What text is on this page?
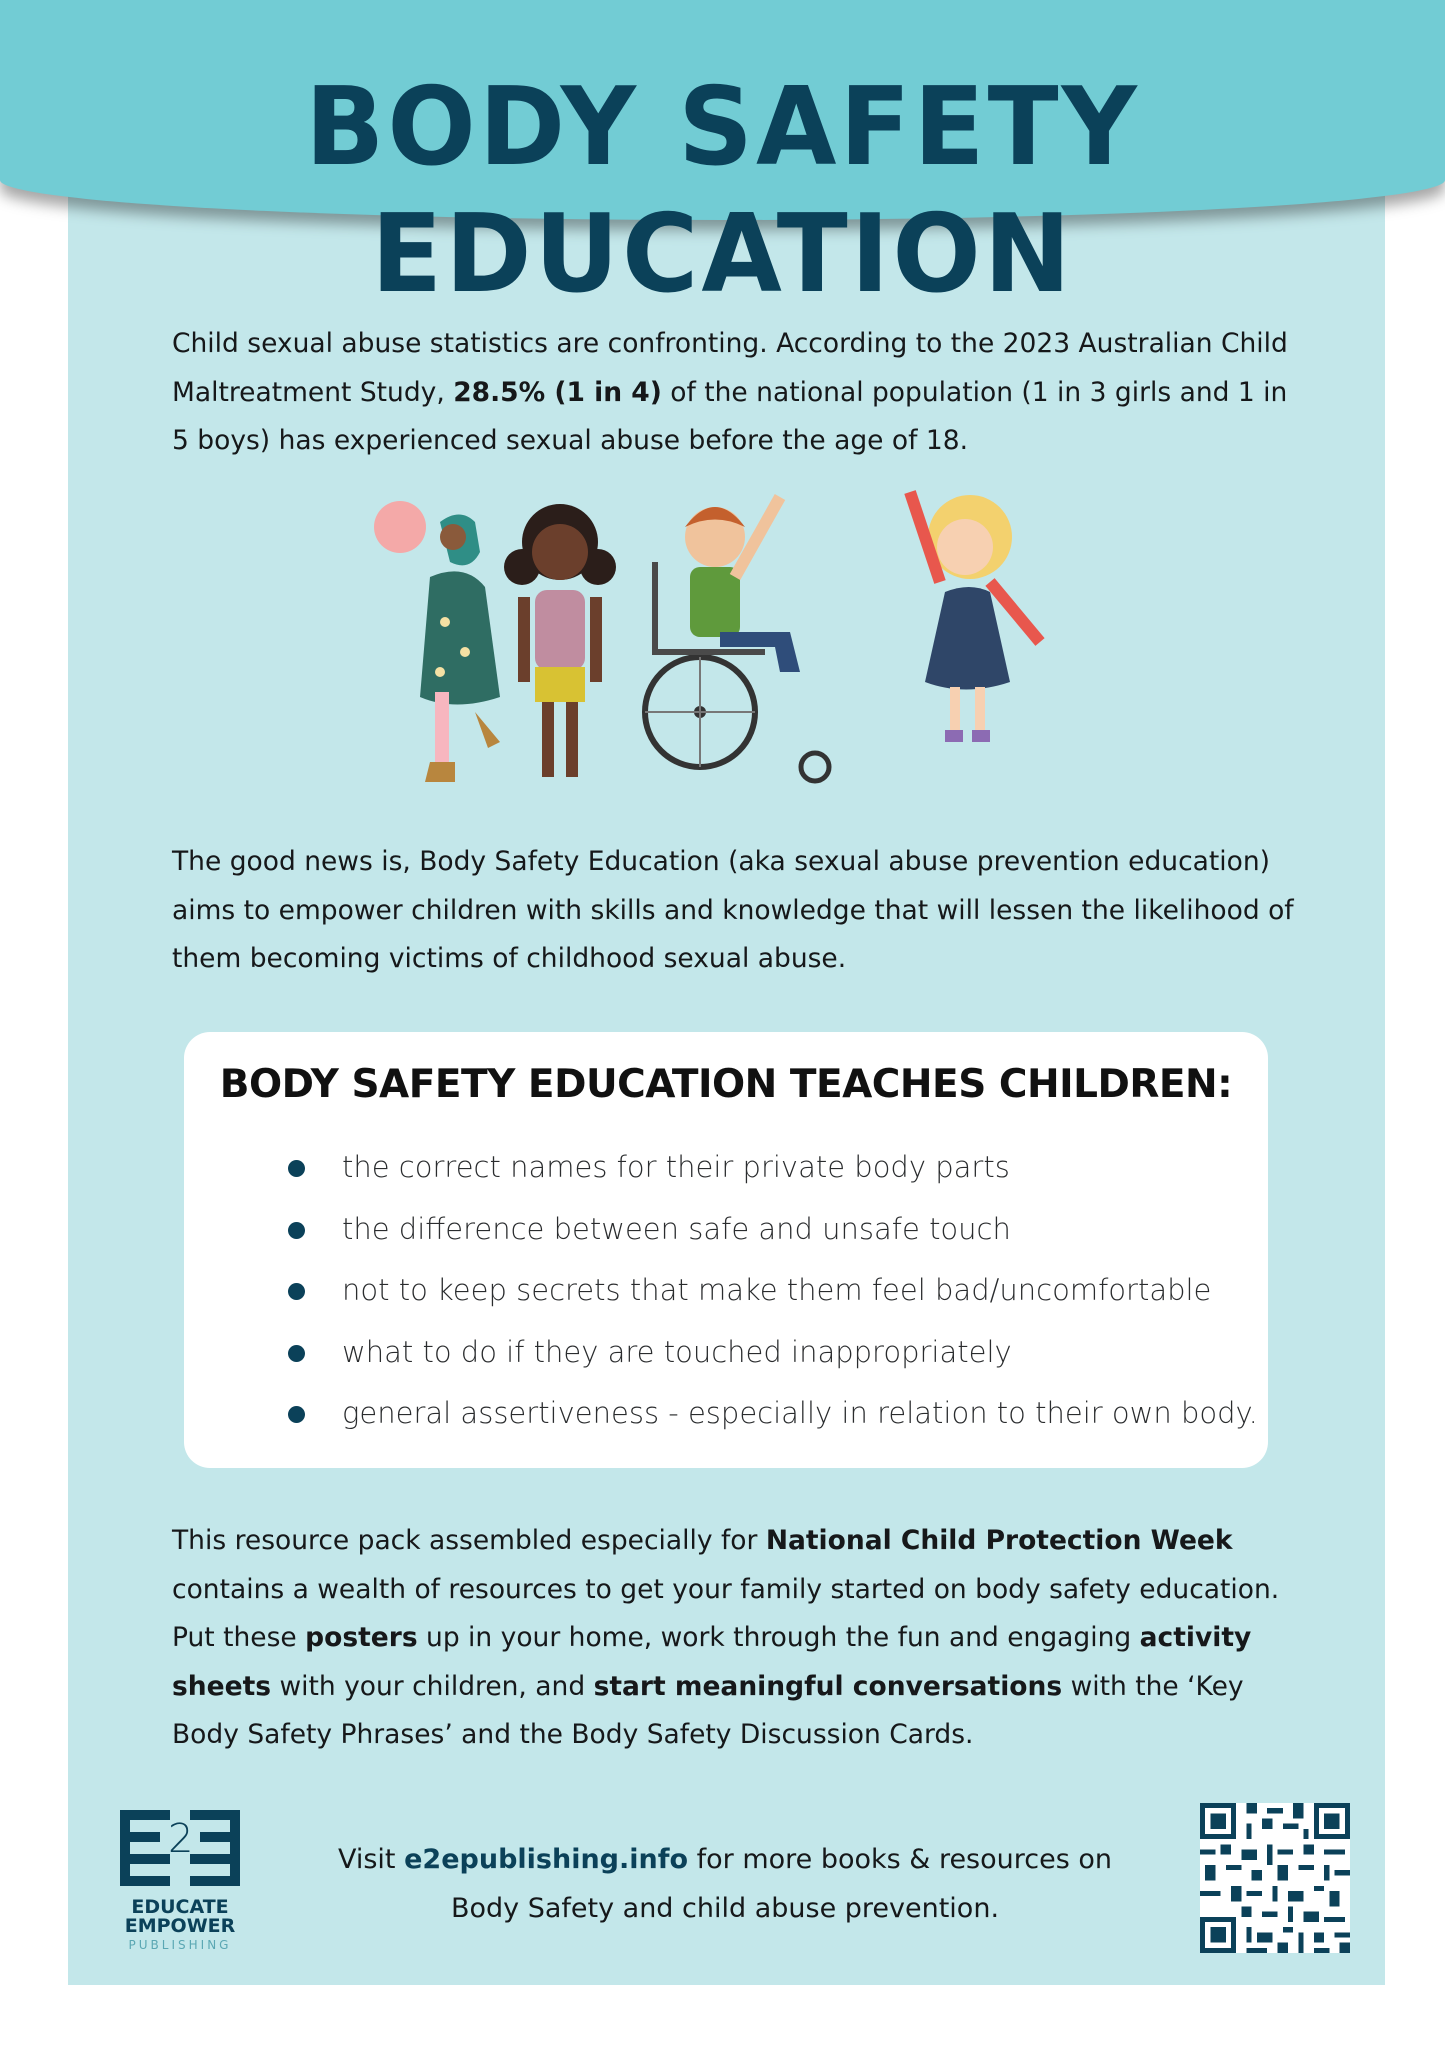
BODY SAFETY EDUCATION

Child sexual abuse statistics are confronting. According to the 2023 Australian Child Maltreatment Study, 28.5% (1 in 4) of the national population (1 in 3 girls and 1 in 5 boys) has experienced sexual abuse before the age of 18.

The good news is, Body Safety Education (aka sexual abuse prevention education) aims to empower children with skills and knowledge that will lessen the likelihood of them becoming victims of childhood sexual abuse.

BODY SAFETY EDUCATION TEACHES CHILDREN:
the correct names for their private body parts
the difference between safe and unsafe touch
not to keep secrets that make them feel bad/uncomfortable
what to do if they are touched inappropriately
general assertiveness - especially in relation to their own body.

This resource pack assembled especially for National Child Protection Week contains a wealth of resources to get your family started on body safety education. Put these posters up in your home, work through the fun and engaging activity sheets with your children, and start meaningful conversations with the ‘Key Body Safety Phrases’ and the Body Safety Discussion Cards.

2
EDUCATE
EMPOWER
PUBLISHING

Visit e2epublishing.info for more books & resources on
Body Safety and child abuse prevention.
